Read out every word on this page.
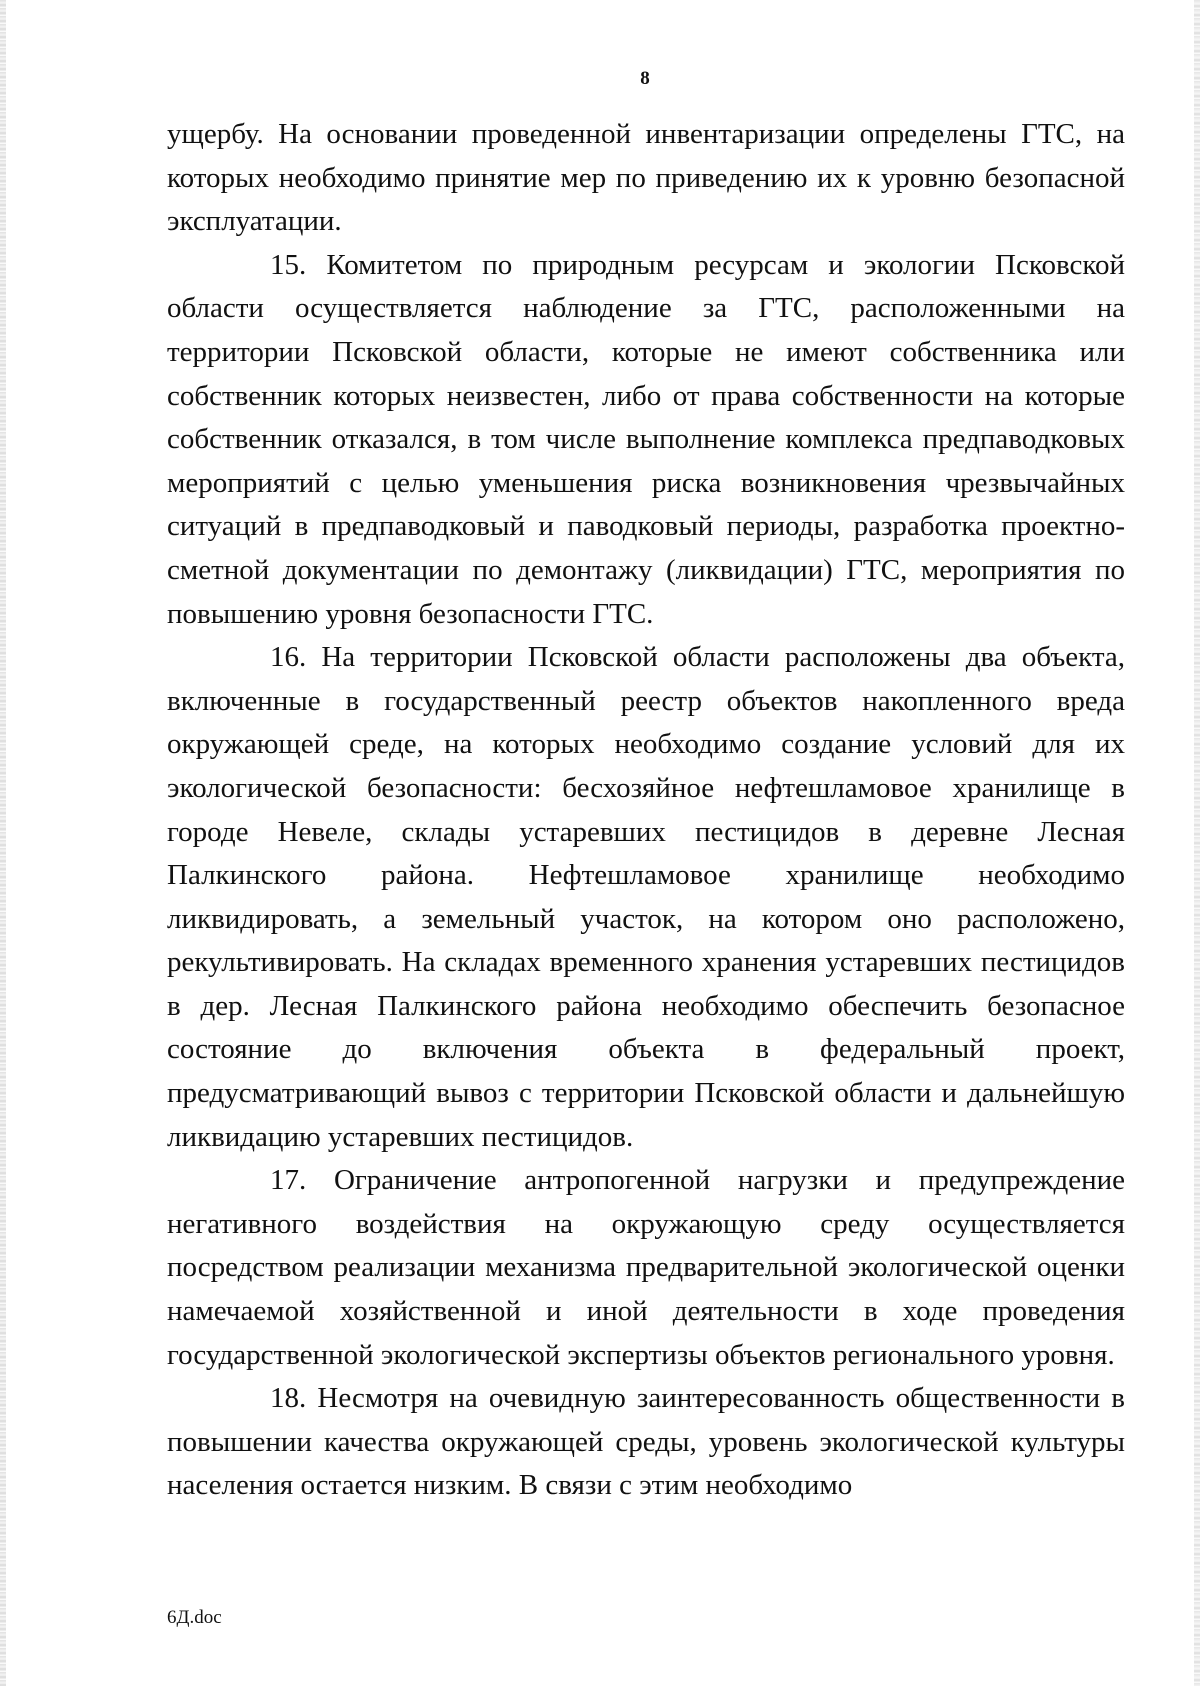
8

ущербу. На основании проведенной инвентаризации определены ГТС, на которых необходимо принятие мер по приведению их к уровню безопасной эксплуатации.

15. Комитетом по природным ресурсам и экологии Псковской области осуществляется наблюдение за ГТС, расположенными на территории Псковской области, которые не имеют собственника или собственник которых неизвестен, либо от права собственности на которые собственник отказался, в том числе выполнение комплекса предпаводковых мероприятий с целью уменьшения риска возникновения чрезвычайных ситуаций в предпаводковый и паводковый периоды, разработка проектно-сметной документации по демонтажу (ликвидации) ГТС, мероприятия по повышению уровня безопасности ГТС.

16. На территории Псковской области расположены два объекта, включенные в государственный реестр объектов накопленного вреда окружающей среде, на которых необходимо создание условий для их экологической безопасности: бесхозяйное нефтешламовое хранилище в городе Невеле, склады устаревших пестицидов в деревне Лесная Палкинского района. Нефтешламовое хранилище необходимо ликвидировать, а земельный участок, на котором оно расположено, рекультивировать. На складах временного хранения устаревших пестицидов в дер. Лесная Палкинского района необходимо обеспечить безопасное состояние до включения объекта в федеральный проект, предусматривающий вывоз с территории Псковской области и дальнейшую ликвидацию устаревших пестицидов.

17. Ограничение антропогенной нагрузки и предупреждение негативного воздействия на окружающую среду осуществляется посредством реализации механизма предварительной экологической оценки намечаемой хозяйственной и иной деятельности в ходе проведения государственной экологической экспертизы объектов регионального уровня.

18. Несмотря на очевидную заинтересованность общественности в повышении качества окружающей среды, уровень экологической культуры населения остается низким. В связи с этим необходимо

6Д.doc
